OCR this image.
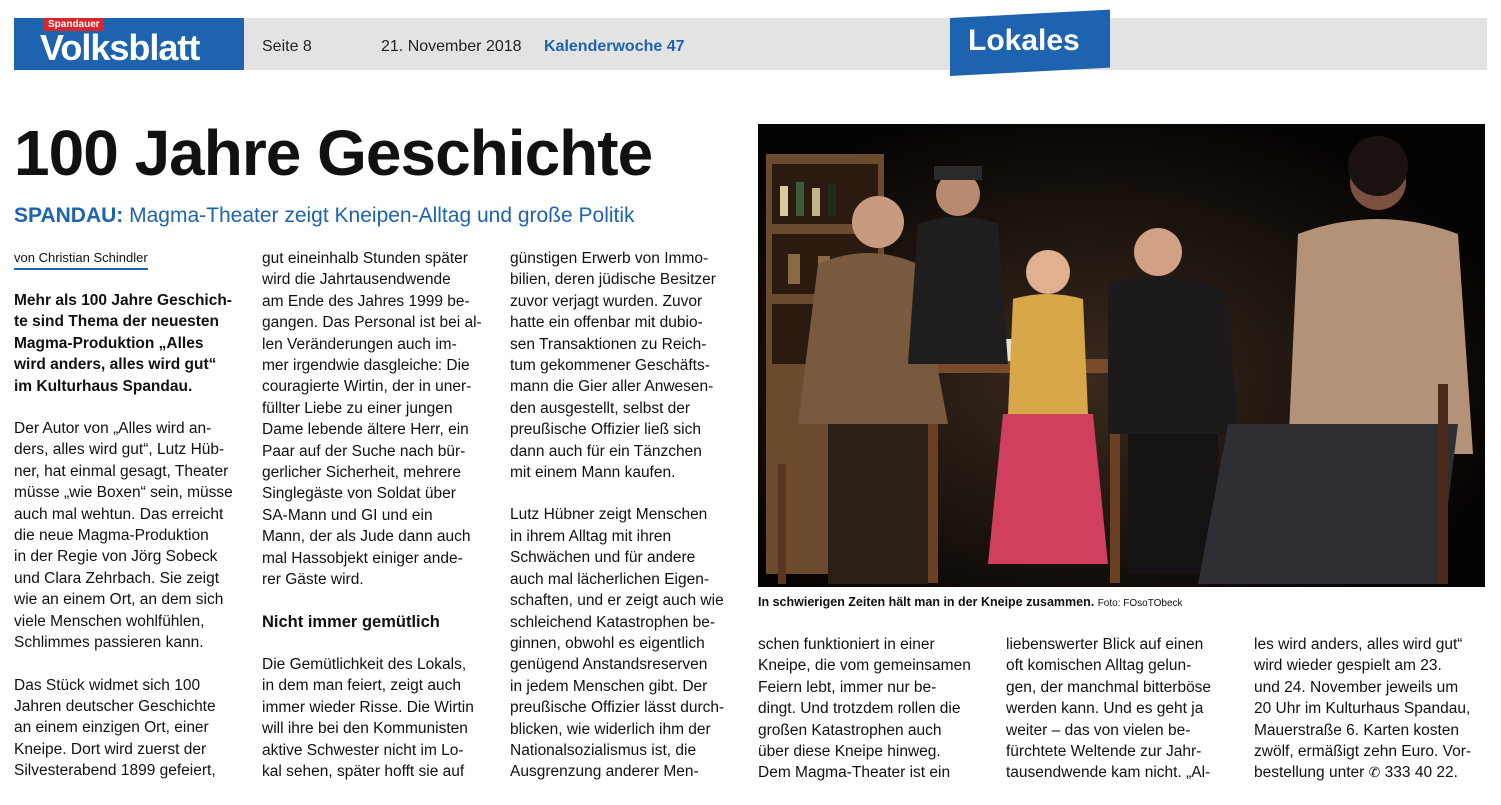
Spandauer
Volksblatt	Seite 8	21. November 2018 Kalenderwoche 47	Lokales
100 Jahre Geschichte
SPANDAU: Magma-Theater zeigt Kneipen-Alltag und große Politik
von Christian Schindler

Mehr als 100 Jahre Geschich-

te sind Thema der neuesten

Magma-Produktion „Alles

wird anders, alles wird gut“

im Kulturhaus Spandau.

Der Autor von „Alles wird an-

ders, alles wird gut“, Lutz Hüb-

ner, hat einmal gesagt, Theater

müsse „wie Boxen“ sein, müsse

auch mal wehtun. Das erreicht

die neue Magma-Produktion

in der Regie von Jörg Sobeck

und Clara Zehrbach. Sie zeigt

wie an einem Ort, an dem sich

viele Menschen wohlfühlen,

Schlimmes passieren kann.

Das Stück widmet sich 100

Jahren deutscher Geschichte

an einem einzigen Ort, einer

Kneipe. Dort wird zuerst der

Silvesterabend 1899 gefeiert,

gut eineinhalb Stunden später

wird die Jahrtausendwende

am Ende des Jahres 1999 be-

gangen. Das Personal ist bei al-

len Veränderungen auch im-

mer irgendwie dasgleiche: Die

couragierte Wirtin, der in uner-

füllter Liebe zu einer jungen

Dame lebende ältere Herr, ein

Paar auf der Suche nach bür-

gerlicher Sicherheit, mehrere

Singlegäste von Soldat über

SA-Mann und GI und ein

Mann, der als Jude dann auch

mal Hassobjekt einiger ande-

rer Gäste wird.

Nicht immer gemütlich

Die Gemütlichkeit des Lokals,

in dem man feiert, zeigt auch

immer wieder Risse. Die Wirtin

will ihre bei den Kommunisten

aktive Schwester nicht im Lo-

kal sehen, später hofft sie auf

günstigen Erwerb von Immo-

bilien, deren jüdische Besitzer

zuvor verjagt wurden. Zuvor

hatte ein offenbar mit dubio-

sen Transaktionen zu Reich-

tum gekommener Geschäfts-

mann die Gier aller Anwesen-

den ausgestellt, selbst der

preußische Offizier ließ sich

dann auch für ein Tänzchen

mit einem Mann kaufen.

Lutz Hübner zeigt Menschen

in ihrem Alltag mit ihren

Schwächen und für andere

auch mal lächerlichen Eigen-

schaften, und er zeigt auch wie

schleichend Katastrophen be-

ginnen, obwohl es eigentlich

genügend Anstandsreserven

in jedem Menschen gibt. Der

preußische Offizier lässt durch-

blicken, wie widerlich ihm der

Nationalsozialismus ist, die

Ausgrenzung anderer Men-

In schwierigen Zeiten hält man in der Kneipe zusammen. Foto: FOsoTObeck

schen funktioniert in einer

Kneipe, die vom gemeinsamen

Feiern lebt, immer nur be-

dingt. Und trotzdem rollen die

großen Katastrophen auch

über diese Kneipe hinweg.

Dem Magma-Theater ist ein

liebenswerter Blick auf einen

oft komischen Alltag gelun-

gen, der manchmal bitterböse

werden kann. Und es geht ja

weiter – das von vielen be-

fürchtete Weltende zur Jahr-

tausendwende kam nicht. „Al-

les wird anders, alles wird gut“

wird wieder gespielt am 23.

und 24. November jeweils um

20 Uhr im Kulturhaus Spandau,

Mauerstraße 6. Karten kosten

zwölf, ermäßigt zehn Euro. Vor-

bestellung unter ✆ 333 40 22.
